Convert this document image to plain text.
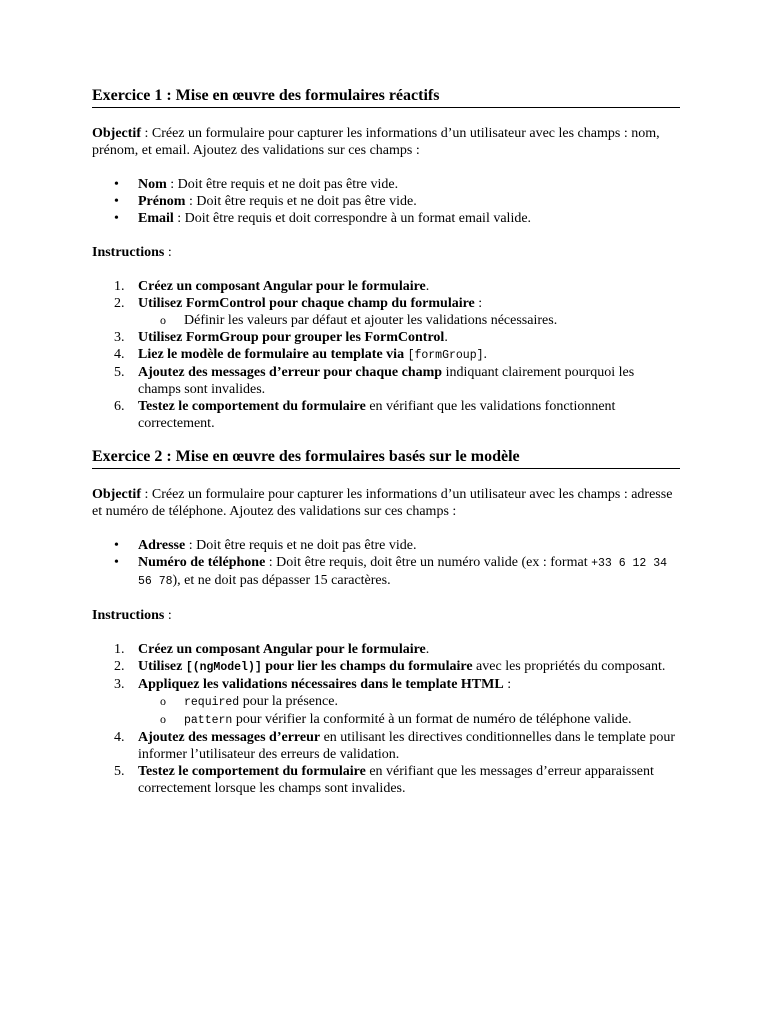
Exercice 1 : Mise en œuvre des formulaires réactifs

Objectif : Créez un formulaire pour capturer les informations d’un utilisateur avec les champs : nom, prénom, et email. Ajoutez des validations sur ces champs :

• Nom : Doit être requis et ne doit pas être vide.
• Prénom : Doit être requis et ne doit pas être vide.
• Email : Doit être requis et doit correspondre à un format email valide.

Instructions :

1. Créez un composant Angular pour le formulaire.
2. Utilisez FormControl pour chaque champ du formulaire :
o Définir les valeurs par défaut et ajouter les validations nécessaires.
3. Utilisez FormGroup pour grouper les FormControl.
4. Liez le modèle de formulaire au template via [formGroup].
5. Ajoutez des messages d’erreur pour chaque champ indiquant clairement pourquoi les champs sont invalides.
6. Testez le comportement du formulaire en vérifiant que les validations fonctionnent correctement.
Exercice 2 : Mise en œuvre des formulaires basés sur le modèle

Objectif : Créez un formulaire pour capturer les informations d’un utilisateur avec les champs : adresse et numéro de téléphone. Ajoutez des validations sur ces champs :

• Adresse : Doit être requis et ne doit pas être vide.
• Numéro de téléphone : Doit être requis, doit être un numéro valide (ex : format +33 6 12 34 56 78), et ne doit pas dépasser 15 caractères.

Instructions :

1. Créez un composant Angular pour le formulaire.
2. Utilisez [(ngModel)] pour lier les champs du formulaire avec les propriétés du composant.
3. Appliquez les validations nécessaires dans le template HTML :
o required pour la présence.
o pattern pour vérifier la conformité à un format de numéro de téléphone valide.
4. Ajoutez des messages d’erreur en utilisant les directives conditionnelles dans le template pour informer l’utilisateur des erreurs de validation.
5. Testez le comportement du formulaire en vérifiant que les messages d’erreur apparaissent correctement lorsque les champs sont invalides.
